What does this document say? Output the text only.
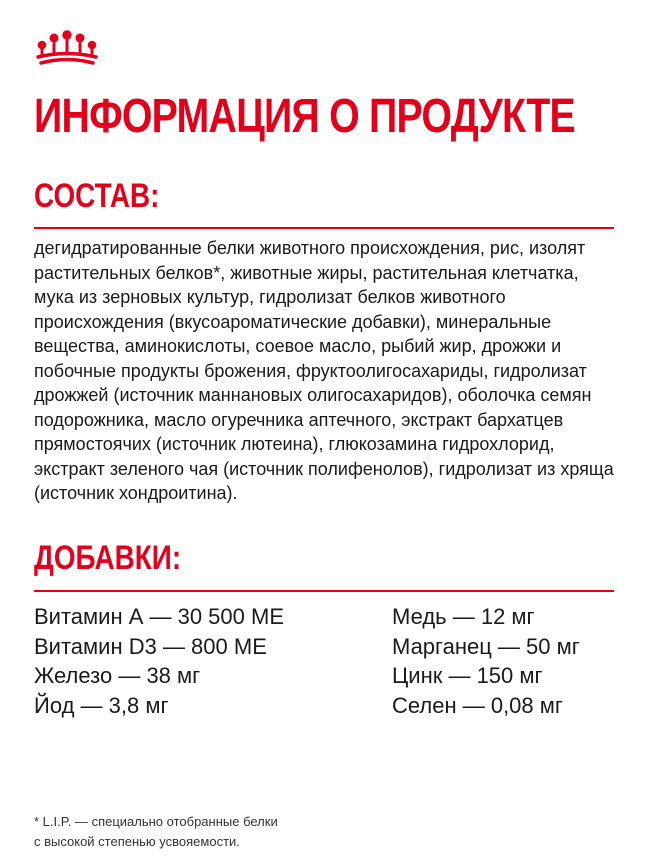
ИНФОРМАЦИЯ О ПРОДУКТЕ
СОСТАВ:

дегидратированные белки животного происхождения, рис, изолят растительных белков*, животные жиры, растительная клетчатка, мука из зерновых культур, гидролизат белков животного происхождения (вкусоароматические добавки), минеральные вещества, аминокислоты, соевое масло, рыбий жир, дрожжи и побочные продукты брожения, фруктоолигосахариды, гидролизат дрожжей (источник маннановых олигосахаридов), оболочка семян подорожника, масло огуречника аптечного, экстракт бархатцев прямостоячих (источник лютеина), глюкозамина гидрохлорид, экстракт зеленого чая (источник полифенолов), гидролизат из хряща (источник хондроитина).

ДОБАВКИ:
Витамин А — 30 500 МЕ
Витамин D3 — 800 МЕ
Железо — 38 мг
Йод — 3,8 мг
Медь — 12 мг
Марганец — 50 мг
Цинк — 150 мг
Селен — 0,08 мг
* L.I.P. — специально отобранные белки
с высокой степенью усвояемости.
